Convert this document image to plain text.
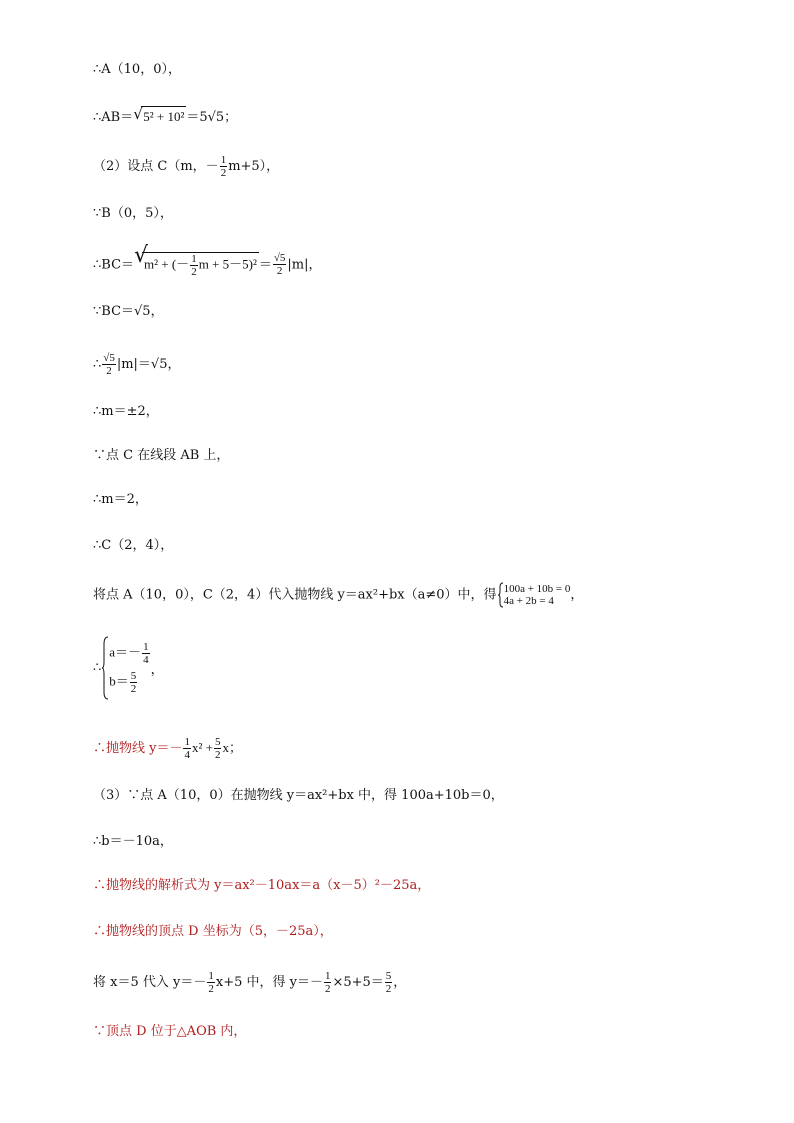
∴A（10，0），
∴AB＝ √ 5² + 10² ＝5√5；
（2）设点 C（m，－ $\frac{1}{2} m+5$），
∵B（0，5），
∴BC＝ √
m² + (－ $\frac{1}{2}$ $m + 5-5)^2 = \frac{√5}{2} |m|$，
∵BC＝√5，
∴ $\frac{√5}{2} |m|=√5$，
∴m＝±2，
∵点 C 在线段 AB 上，
∴m＝2，
∴C（2，4），
将点 A（10，0），C（2，4）代入抛物线 y＝ax²+bx（a≠0）中，得 100a + 10b = 0
4a + 2b = 4	，
∴
$a=- \frac{1}{4}$
$b= \frac{5}{2}$ ，
∴抛物线 $y=- \frac{1}{4} x^2 + \frac{5}{2}$ x；
（3）∵点 A（10，0）在抛物线 y＝ax²+bx 中，得 100a+10b＝0，
∴b＝－10a，
∴抛物线的解析式为 y＝ax²－10ax＝a（x－5）²－25a，
∴抛物线的顶点 D 坐标为（5，－25a），
将 x＝5 代入 $y=- \frac{1}{2} x+5$ 中，得 $y=- \frac{1}{2} \times 5+5= \frac{5}{2}$ ，
∵顶点 D 位于△AOB 内，
